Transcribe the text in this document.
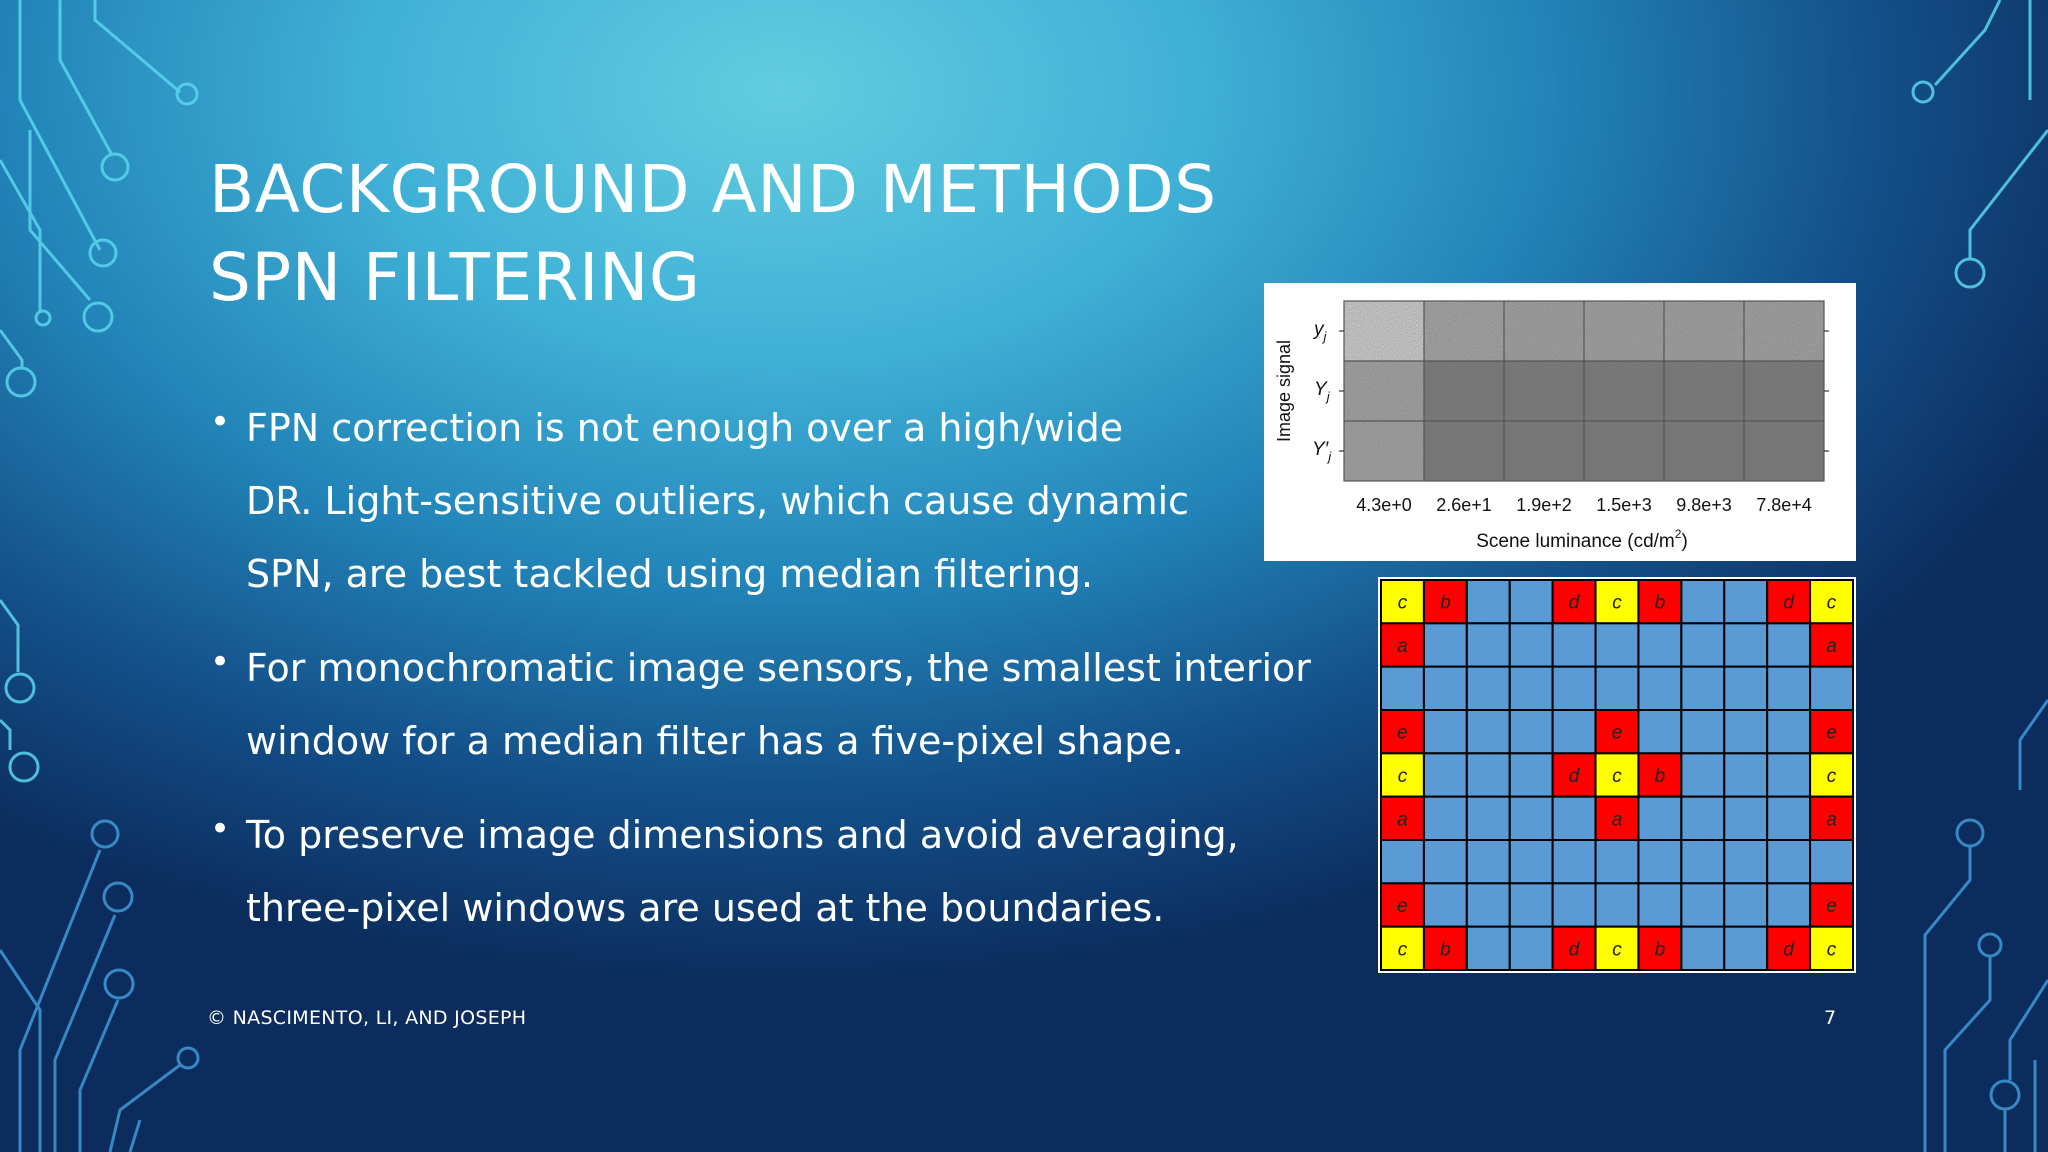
BACKGROUND AND METHODS
SPN FILTERING
• FPN correction is not enough over a high/wide
DR. Light-sensitive outliers, which cause dynamic
SPN, are best tackled using median filtering.
• For monochromatic image sensors, the smallest interior
window for a median filter has a five-pixel shape.
• To preserve image dimensions and avoid averaging,
three-pixel windows are used at the boundaries.
© NASCIMENTO, LI, AND JOSEPH	7
Image signal
$y_j$
$Y_j$
$Y'_j$
4.3e+0 2.6e+1 1.9e+2 1.5e+3 9.8e+3 7.8e+4
Scene luminance $(cd/m^2)$
c b	d c b	d c
a	a
e	e	e
c	d c b	c
a	a	a
e	e
c b	d c b	d c
